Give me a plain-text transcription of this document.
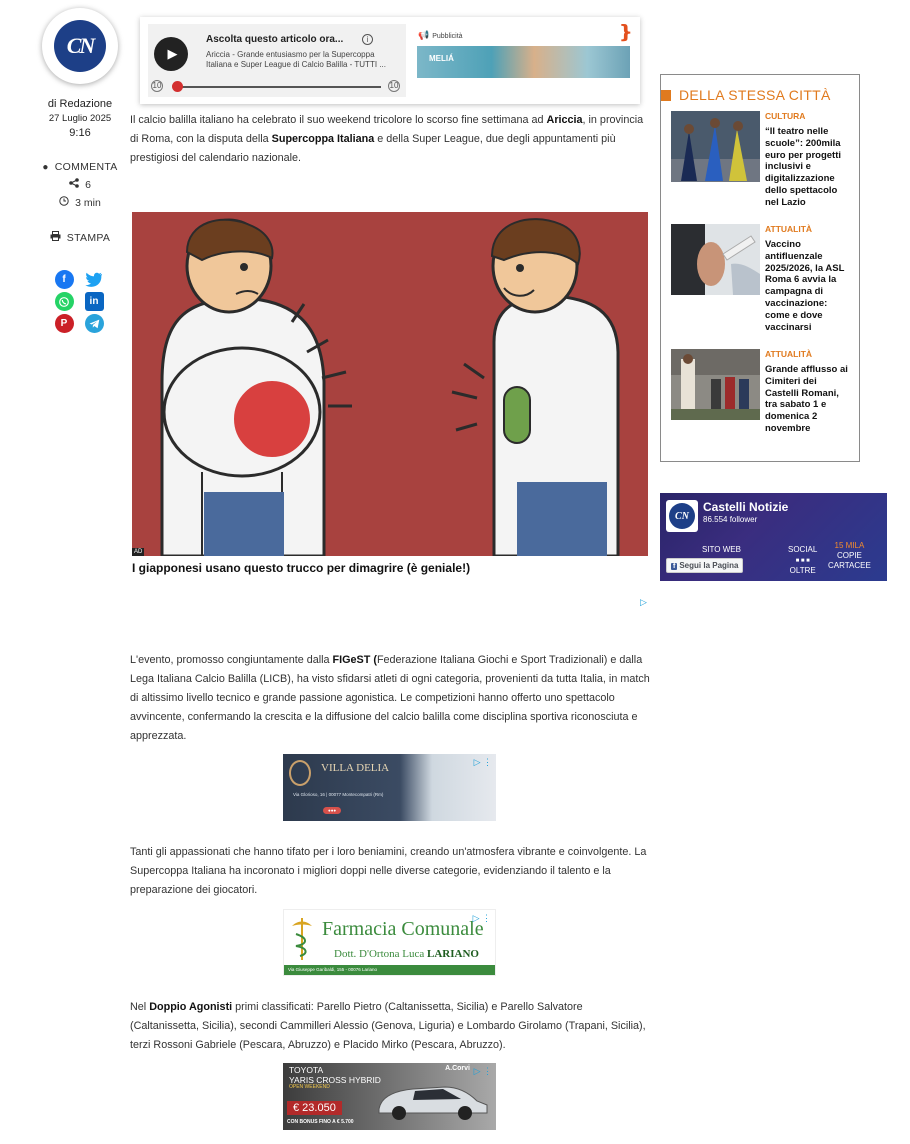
CN
di Redazione
27 Luglio 2025
9:16
● COMMENTA
6
3 min
STAMPA
f
in
P
▶
Ascolta questo articolo ora...	i
Ariccia - Grande entusiasmo per la Supercoppa Italiana e Super League di Calcio Balilla - TUTTI ...
10	10
📢 Pubblicità	❵
MELIÁ

Il calcio balilla italiano ha celebrato il suo weekend tricolore lo scorso fine settimana ad Ariccia, in provincia di Roma, con la disputa della Supercoppa Italiana e della Super League, due degli appuntamenti più prestigiosi del calendario nazionale.

AD
I giapponesi usano questo trucco per dimagrire (è geniale!)
▷

L'evento, promosso congiuntamente dalla FIGeST (Federazione Italiana Giochi e Sport Tradizionali) e dalla Lega Italiana Calcio Balilla (LICB), ha visto sfidarsi atleti di ogni categoria, provenienti da tutta Italia, in match di altissimo livello tecnico e grande passione agonistica. Le competizioni hanno offerto uno spettacolo avvincente, confermando la crescita e la diffusione del calcio balilla come disciplina sportiva riconosciuta e apprezzata.

VILLA DELIA
Via Glorioso, 16 | 00077 Montecompatri (Rm)
●●●
▷ ⋮

Tanti gli appassionati che hanno tifato per i loro beniamini, creando un'atmosfera vibrante e coinvolgente. La Supercoppa Italiana ha incoronato i migliori doppi nelle diverse categorie, evidenziando il talento e la preparazione dei giocatori.

Farmacia Comunale
Dott. D'Ortona Luca LARIANO
Via Giuseppe Garibaldi, 155 - 00076 Lariano
▷ ⋮

Nel Doppio Agonisti primi classificati: Parello Pietro (Caltanissetta, Sicilia) e Parello Salvatore (Caltanissetta, Sicilia), secondi Cammilleri Alessio (Genova, Liguria) e Lombardo Girolamo (Trapani, Sicilia), terzi Rossoni Gabriele (Pescara, Abruzzo) e Placido Mirko (Pescara, Abruzzo).

TOYOTA
YARIS CROSS HYBRID
OPEN WEEKEND
€ 23.050
CON BONUS FINO A € 5.700
A.Corvi ▷ ⋮
DELLA STESSA CITTÀ
CULTURA
“Il teatro nelle scuole”: 200mila euro per progetti inclusivi e digitalizzazione dello spettacolo nel Lazio
ATTUALITÀ
Vaccino antifluenzale 2025/2026, la ASL Roma 6 avvia la campagna di vaccinazione: come e dove vaccinarsi
ATTUALITÀ
Grande afflusso ai Cimiteri dei Castelli Romani, tra sabato 1 e domenica 2 novembre
CN
Castelli Notizie
86.554 follower
SITO WEB	SOCIAL
■ ■ ■
OLTRE
15 MILA
COPIE
CARTACEE
f Segui la Pagina
